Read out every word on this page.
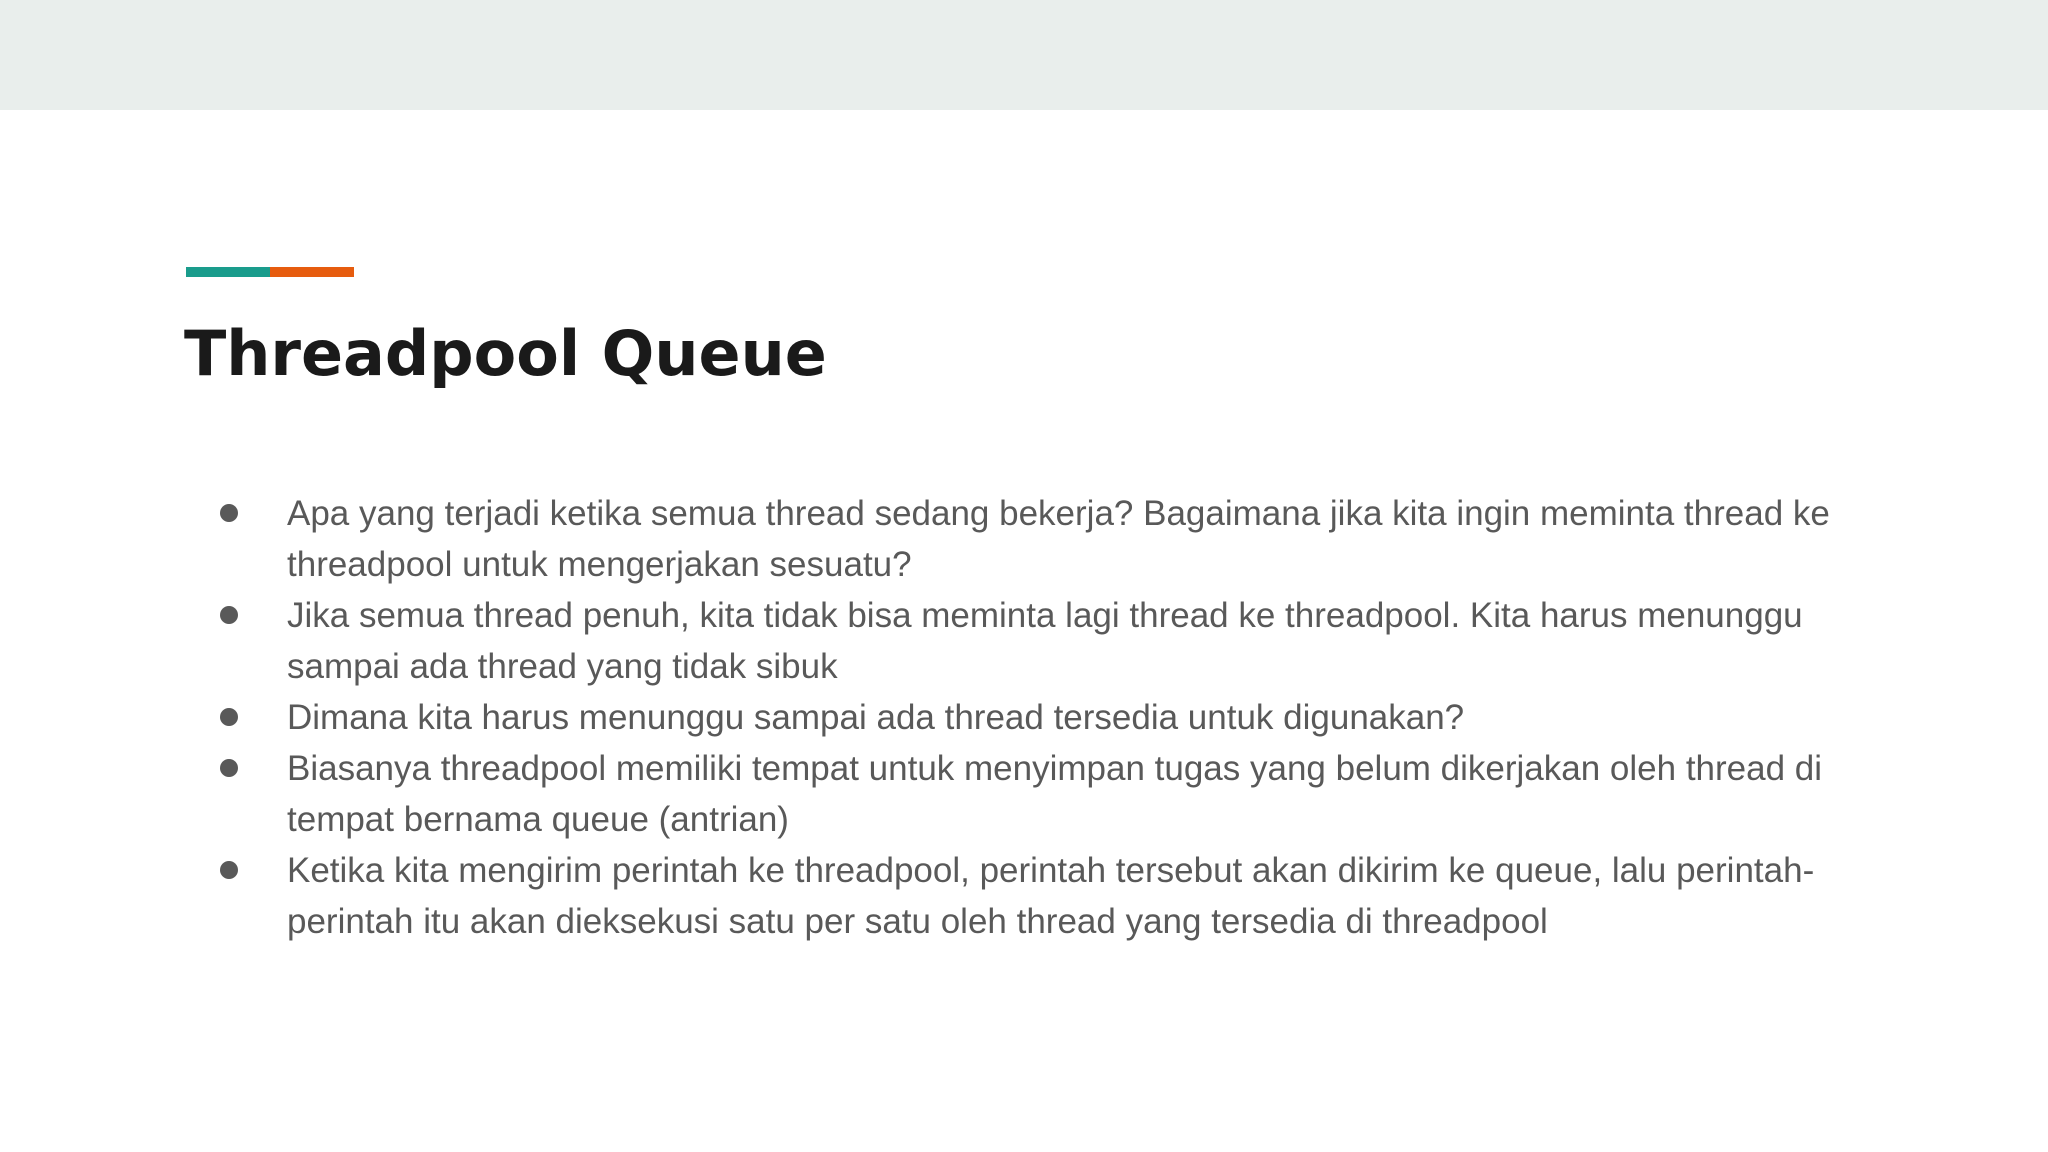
Threadpool Queue
Apa yang terjadi ketika semua thread sedang bekerja? Bagaimana jika kita ingin meminta thread ke threadpool untuk mengerjakan sesuatu?
Jika semua thread penuh, kita tidak bisa meminta lagi thread ke threadpool. Kita harus menunggu sampai ada thread yang tidak sibuk
Dimana kita harus menunggu sampai ada thread tersedia untuk digunakan?
Biasanya threadpool memiliki tempat untuk menyimpan tugas yang belum dikerjakan oleh thread di tempat bernama queue (antrian)
Ketika kita mengirim perintah ke threadpool, perintah tersebut akan dikirim ke queue, lalu perintah-perintah itu akan dieksekusi satu per satu oleh thread yang tersedia di threadpool
